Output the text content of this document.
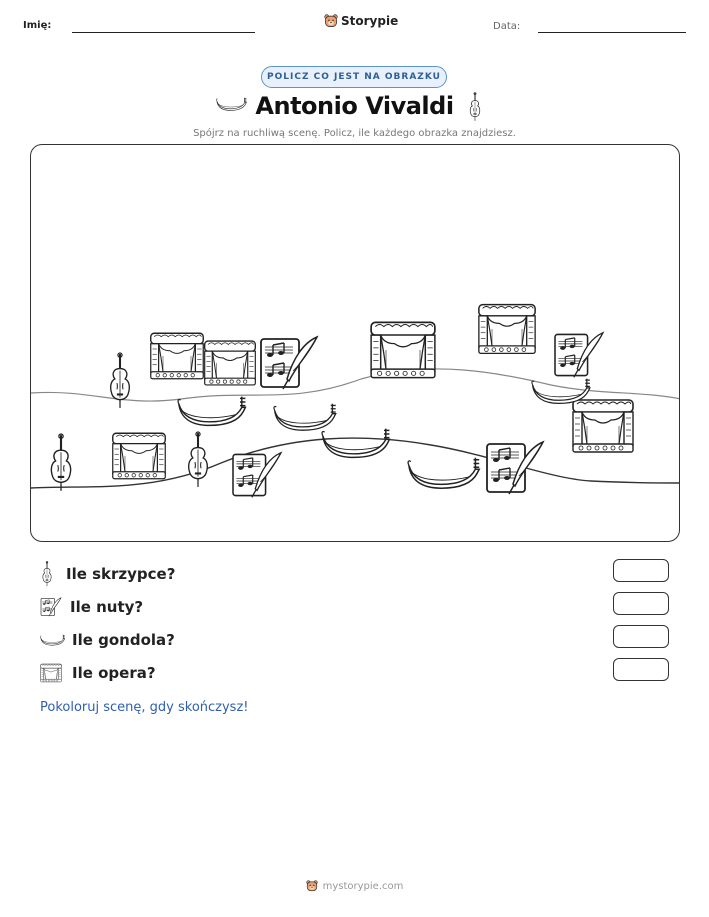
Imię:	Storypie	Data:
POLICZ CO JEST NA OBRAZKU
Antonio Vivaldi
Spójrz na ruchliwą scenę. Policz, ile każdego obrazka znajdziesz.
Ile skrzypce?
Ile nuty?
Ile gondola?
Ile opera?
Pokoloruj scenę, gdy skończysz!
mystorypie.com
